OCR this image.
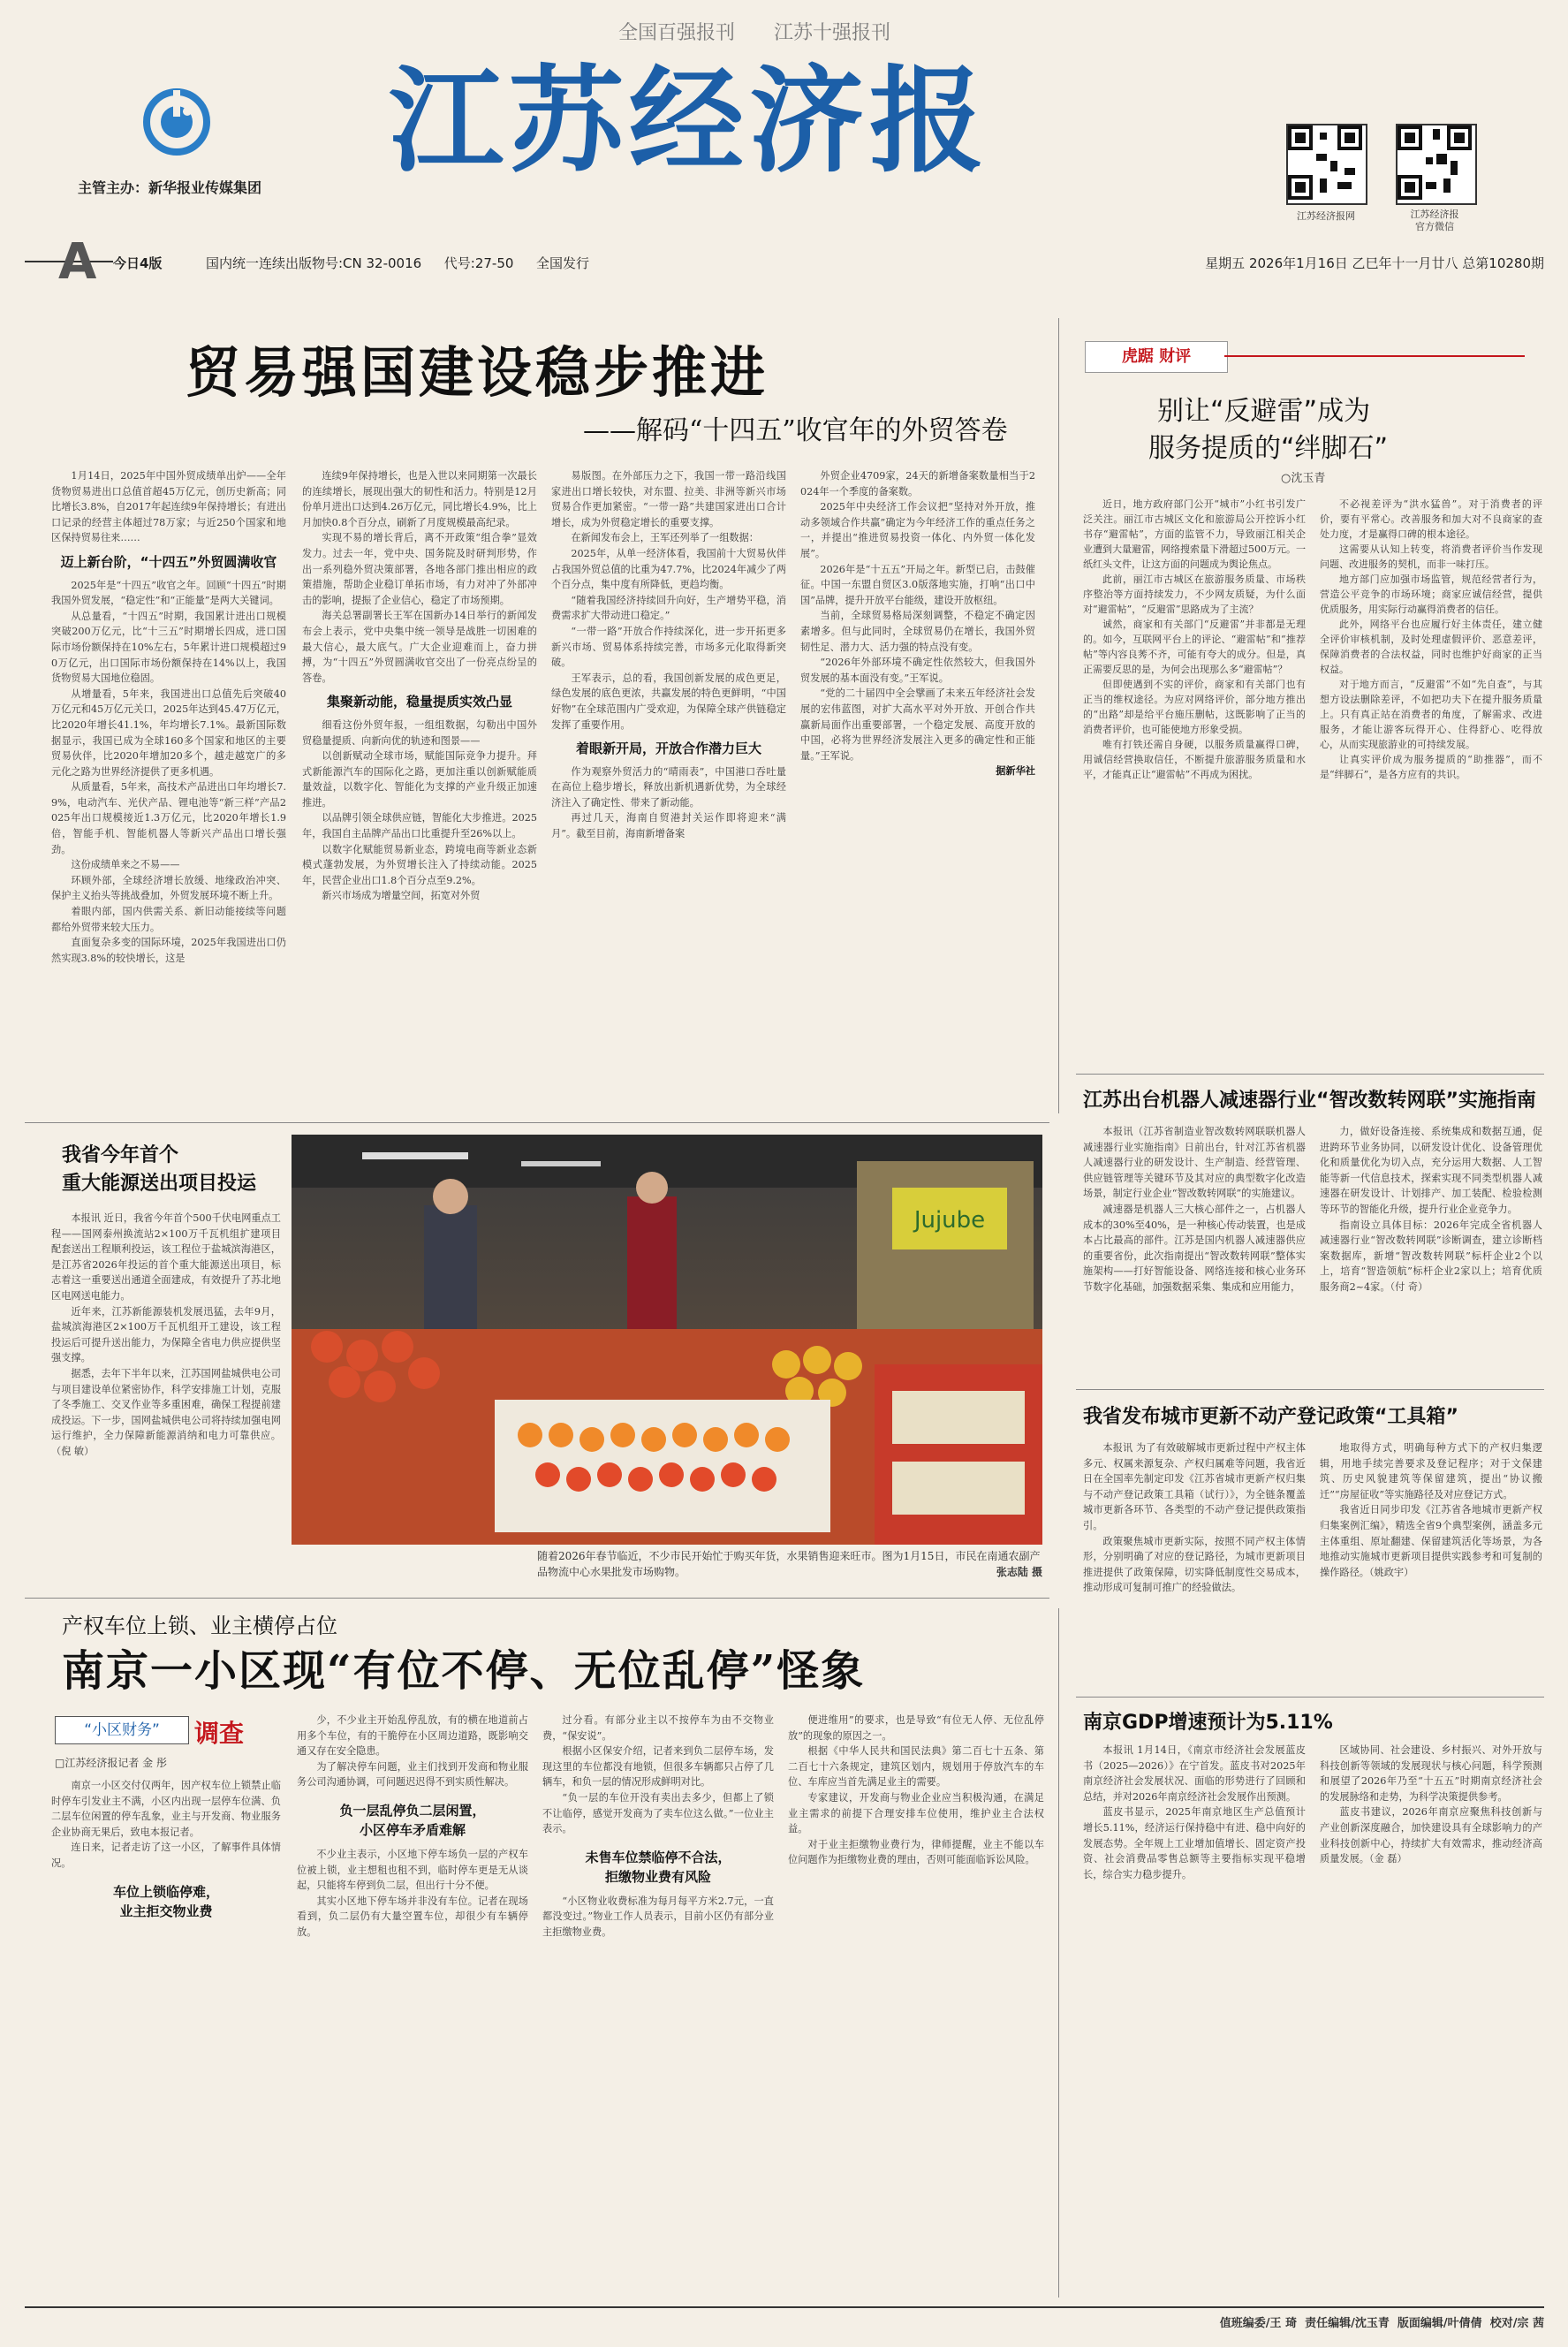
全国百强报刊 江苏十强报刊
主管主办：新华报业传媒集团 江苏经济报
江苏经济报网	江苏经济报
官方微信
A 今日4版	国内统一连续出版物号:CN 32-0016 代号:27-50 全国发行	星期五 2026年1月16日 乙巳年十一月廿八 总第10280期
贸易强国建设稳步推进
——解码“十四五”收官年的外贸答卷

1月14日，2025年中国外贸成绩单出炉——全年货物贸易进出口总值首超45万亿元，创历史新高；同比增长3.8%，自2017年起连续9年保持增长；有进出口记录的经营主体超过78万家；与近250个国家和地区保持贸易往来……

迈上新台阶，“十四五”外贸圆满收官

2025年是“十四五”收官之年。回顾“十四五”时期我国外贸发展，“稳定性”和“正能量”是两大关键词。

从总量看，“十四五”时期，我国累计进出口规模突破200万亿元，比“十三五”时期增长四成，进口国际市场份额保持在10%左右，5年累计进口规模超过90万亿元，出口国际市场份额保持在14%以上，我国货物贸易大国地位稳固。

从增量看，5年来，我国进出口总值先后突破40万亿元和45万亿元关口，2025年达到45.47万亿元，比2020年增长41.1%，年均增长7.1%。最新国际数据显示，我国已成为全球160多个国家和地区的主要贸易伙伴，比2020年增加20多个，越走越宽广的多元化之路为世界经济提供了更多机遇。

从质量看，5年来，高技术产品进出口年均增长7.9%，电动汽车、光伏产品、锂电池等“新三样”产品2025年出口规模接近1.3万亿元，比2020年增长1.9倍，智能手机、智能机器人等新兴产品出口增长强劲。

这份成绩单来之不易——

环顾外部，全球经济增长放缓、地缘政治冲突、保护主义抬头等挑战叠加，外贸发展环境不断上升。

着眼内部，国内供需关系、新旧动能接续等问题都给外贸带来较大压力。

直面复杂多变的国际环境，2025年我国进出口仍然实现3.8%的较快增长，这是

连续9年保持增长，也是入世以来同期第一次最长的连续增长，展现出强大的韧性和活力。特别是12月份单月进出口达到4.26万亿元，同比增长4.9%，比上月加快0.8个百分点，刷新了月度规模最高纪录。

实现不易的增长背后，离不开政策“组合拳”显效发力。过去一年，党中央、国务院及时研判形势，作出一系列稳外贸决策部署，各地各部门推出相应的政策措施，帮助企业稳订单拓市场，有力对冲了外部冲击的影响，提振了企业信心，稳定了市场预期。

海关总署副署长王军在国新办14日举行的新闻发布会上表示，党中央集中统一领导是战胜一切困难的最大信心，最大底气。广大企业迎难而上，奋力拼搏，为“十四五”外贸圆满收官交出了一份亮点纷呈的答卷。

集聚新动能，稳量提质实效凸显

细看这份外贸年报，一组组数据，勾勒出中国外贸稳量提质、向新向优的轨迹和图景——

以创新赋动全球市场，赋能国际竞争力提升。拜式新能源汽车的国际化之路，更加注重以创新赋能质量效益，以数字化、智能化为支撑的产业升级正加速推进。

以品牌引领全球供应链，智能化大步推进。2025年，我国自主品牌产品出口比重提升至26%以上。

以数字化赋能贸易新业态，跨境电商等新业态新模式蓬勃发展，为外贸增长注入了持续动能。2025年，民营企业出口1.8个百分点至9.2%。

新兴市场成为增量空间，拓宽对外贸

易版图。在外部压力之下，我国一带一路沿线国家进出口增长较快，对东盟、拉美、非洲等新兴市场贸易合作更加紧密。“一带一路”共建国家进出口合计增长，成为外贸稳定增长的重要支撑。

在新闻发布会上，王军还列举了一组数据：

2025年，从单一经济体看，我国前十大贸易伙伴占我国外贸总值的比重为47.7%，比2024年减少了两个百分点，集中度有所降低，更趋均衡。

“随着我国经济持续回升向好，生产增势平稳，消费需求扩大带动进口稳定。”

“一带一路”开放合作持续深化，进一步开拓更多新兴市场、贸易体系持续完善，市场多元化取得新突破。

王军表示，总的看，我国创新发展的成色更足，绿色发展的底色更浓，共赢发展的特色更鲜明，“中国好物”在全球范围内广受欢迎，为保障全球产供链稳定发挥了重要作用。

着眼新开局，开放合作潜力巨大

作为观察外贸活力的“晴雨表”，中国港口吞吐量在高位上稳步增长，释放出新机遇新优势，为全球经济注入了确定性、带来了新动能。

再过几天，海南自贸港封关运作即将迎来“满月”。截至目前，海南新增备案

外贸企业4709家，24天的新增备案数量相当于2024年一个季度的备案数。

2025年中央经济工作会议把“坚持对外开放，推动多领域合作共赢”确定为今年经济工作的重点任务之一，并提出“推进贸易投资一体化、内外贸一体化发展”。

2026年是“十五五”开局之年。新型已启，击鼓催征。中国一东盟自贸区3.0版落地实施，打响“出口中国”品牌，提升开放平台能级，建设开放枢纽。

当前，全球贸易格局深刻调整，不稳定不确定因素增多。但与此同时，全球贸易仍在增长，我国外贸韧性足、潜力大、活力强的特点没有变。

“2026年外部环境不确定性依然较大，但我国外贸发展的基本面没有变。”王军说。

“党的二十届四中全会擘画了未来五年经济社会发展的宏伟蓝图，对扩大高水平对外开放、开创合作共赢新局面作出重要部署，一个稳定发展、高度开放的中国，必将为世界经济发展注入更多的确定性和正能量。”王军说。

据新华社
虎踞 财评
别让“反避雷”成为
服务提质的“绊脚石”
○沈玉青

近日，地方政府部门公开“城市”小红书引发广泛关注。丽江市古城区文化和旅游局公开控诉小红书存“避雷帖”，方面的监管不力，导致丽江相关企业遭到大量避雷，网络搜索量下滑超过500万元。一纸红头文件，让这方面的问题成为舆论焦点。

此前，丽江市古城区在旅游服务质量、市场秩序整治等方面持续发力，不少网友质疑，为什么面对“避雷帖”，“反避雷”思路成为了主流？

诚然，商家和有关部门“反避雷”并非都是无理的。如今，互联网平台上的评论、“避雷帖”和“推荐帖”等内容良莠不齐，可能有夸大的成分。但是，真正需要反思的是，为何会出现那么多“避雷帖”？

但即使遇到不实的评价，商家和有关部门也有正当的维权途径。为应对网络评价，部分地方推出的“出路”却是给平台施压删帖，这既影响了正当的消费者评价，也可能使地方形象受损。

唯有打铁还需自身硬，以服务质量赢得口碑，用诚信经营换取信任，不断提升旅游服务质量和水平，才能真正让“避雷帖”不再成为困扰。

不必视差评为“洪水猛兽”。对于消费者的评价，要有平常心。改善服务和加大对不良商家的查处力度，才是赢得口碑的根本途径。

这需要从认知上转变，将消费者评价当作发现问题、改进服务的契机，而非一味打压。

地方部门应加强市场监管，规范经营者行为，营造公平竞争的市场环境；商家应诚信经营，提供优质服务，用实际行动赢得消费者的信任。

此外，网络平台也应履行好主体责任，建立健全评价审核机制，及时处理虚假评价、恶意差评，保障消费者的合法权益，同时也维护好商家的正当权益。

对于地方而言，“反避雷”不如“先自查”，与其想方设法删除差评，不如把功夫下在提升服务质量上。只有真正站在消费者的角度，了解需求、改进服务，才能让游客玩得开心、住得舒心、吃得放心，从而实现旅游业的可持续发展。

让真实评价成为服务提质的“助推器”，而不是“绊脚石”，是各方应有的共识。

江苏出台机器人减速器行业“智改数转网联”实施指南

本报讯（江苏省制造业智改数转网联联机器人减速器行业实施指南》日前出台，针对江苏省机器人减速器行业的研发设计、生产制造、经营管理、供应链管理等关键环节及其对应的典型数字化改造场景，制定行业企业“智改数转网联”的实施建议。

减速器是机器人三大核心部件之一，占机器人成本的30%至40%，是一种核心传动装置，也是成本占比最高的部件。江苏是国内机器人减速器供应的重要省份，此次指南提出“智改数转网联”整体实施架构——打好智能设备、网络连接和核心业务环节数字化基础，加强数据采集、集成和应用能力，

力，做好设备连接、系统集成和数据互通，促进跨环节业务协同，以研发设计优化、设备管理优化和质量优化为切入点，充分运用大数据、人工智能等新一代信息技术，探索实现不同类型机器人减速器在研发设计、计划排产、加工装配、检验检测等环节的智能化升级，提升行业企业竞争力。

指南设立具体目标：2026年完成全省机器人减速器行业“智改数转网联”诊断调查，建立诊断档案数据库，新增“智改数转网联”标杆企业2个以上，培育“智造领航”标杆企业2家以上；培育优质服务商2~4家。（付 奇）

我省发布城市更新不动产登记政策“工具箱”

本报讯 为了有效破解城市更新过程中产权主体多元、权属来源复杂、产权归属难等问题，我省近日在全国率先制定印发《江苏省城市更新产权归集与不动产登记政策工具箱（试行）》，为全链条覆盖城市更新各环节、各类型的不动产登记提供政策指引。

政策聚焦城市更新实际，按照不同产权主体情形，分别明确了对应的登记路径，为城市更新项目推进提供了政策保障，切实降低制度性交易成本，推动形成可复制可推广的经验做法。

地取得方式，明确每种方式下的产权归集逻辑，用地手续完善要求及登记程序；对于文保建筑、历史风貌建筑等保留建筑，提出“协议搬迁”“房屋征收”等实施路径及对应登记方式。

我省近日同步印发《江苏省各地城市更新产权归集案例汇编》，精选全省9个典型案例，涵盖多元主体重组、原址翻建、保留建筑活化等场景，为各地推动实施城市更新项目提供实践参考和可复制的操作路径。（姚政宇）

我省今年首个
重大能源送出项目投运

本报讯 近日，我省今年首个500千伏电网重点工程——国网泰州换流站2×100万千瓦机组扩建项目配套送出工程顺利投运，该工程位于盐城滨海港区，是江苏省2026年投运的首个重大能源送出项目，标志着这一重要送出通道全面建成，有效提升了苏北地区电网送电能力。

近年来，江苏新能源装机发展迅猛，去年9月，盐城滨海港区2×100万千瓦机组开工建设，该工程投运后可提升送出能力，为保障全省电力供应提供坚强支撑。

据悉，去年下半年以来，江苏国网盐城供电公司与项目建设单位紧密协作，科学安排施工计划，克服了冬季施工、交叉作业等多重困难，确保工程提前建成投运。下一步，国网盐城供电公司将持续加强电网运行维护，全力保障新能源消纳和电力可靠供应。（倪 敏）

Jujube
随着2026年春节临近，不少市民开始忙于购买年货，水果销售迎来旺市。图为1月15日，市民在南通农副产品物流中心水果批发市场购物。	张志陆 摄
产权车位上锁、业主横停占位
南京一小区现“有位不停、无位乱停”怪象
“小区财务”	调查
□江苏经济报记者 金 彤

南京一小区交付仅两年，因产权车位上锁禁止临时停车引发业主不满，小区内出现一层停车位满、负二层车位闲置的停车乱象，业主与开发商、物业服务企业协商无果后，致电本报记者。

连日来，记者走访了这一小区，了解事件具体情况。

车位上锁临停难，
业主拒交物业费

少，不少业主开始乱停乱放，有的横在地道前占用多个车位，有的干脆停在小区周边道路，既影响交通又存在安全隐患。

为了解决停车问题，业主们找到开发商和物业服务公司沟通协调，可问题迟迟得不到实质性解决。

负一层乱停负二层闲置，
小区停车矛盾难解

不少业主表示，小区地下停车场负一层的产权车位被上锁，业主想租也租不到，临时停车更是无从谈起，只能将车停到负二层，但出行十分不便。

其实小区地下停车场并非没有车位。记者在现场看到，负二层仍有大量空置车位，却很少有车辆停放。

过分看。有部分业主以不按停车为由不交物业费，“保安说”。

根据小区保安介绍，记者来到负二层停车场，发现这里的车位都没有地锁，但很多车辆都只占停了几辆车，和负一层的情况形成鲜明对比。

“负一层的车位开没有卖出去多少，但都上了锁不让临停，感觉开发商为了卖车位这么做。”一位业主表示。

未售车位禁临停不合法，
拒缴物业费有风险

“小区物业收费标准为每月每平方米2.7元，一直都没变过。”物业工作人员表示，目前小区仍有部分业主拒缴物业费。

便进维用”的要求，也是导致“有位无人停、无位乱停放”的现象的原因之一。

根据《中华人民共和国民法典》第二百七十五条、第二百七十六条规定，建筑区划内，规划用于停放汽车的车位、车库应当首先满足业主的需要。

专家建议，开发商与物业企业应当积极沟通，在满足业主需求的前提下合理安排车位使用，维护业主合法权益。

对于业主拒缴物业费行为，律师提醒，业主不能以车位问题作为拒缴物业费的理由，否则可能面临诉讼风险。

南京GDP增速预计为5.11%

本报讯 1月14日，《南京市经济社会发展蓝皮书（2025—2026）》在宁首发。蓝皮书对2025年南京经济社会发展状况、面临的形势进行了回顾和总结，并对2026年南京经济社会发展作出预测。

蓝皮书显示，2025年南京地区生产总值预计增长5.11%，经济运行保持稳中有进、稳中向好的发展态势。全年规上工业增加值增长、固定资产投资、社会消费品零售总额等主要指标实现平稳增长，综合实力稳步提升。

区域协同、社会建设、乡村振兴、对外开放与科技创新等领域的发展现状与核心问题，科学预测和展望了2026年乃至“十五五”时期南京经济社会的发展脉络和走势，为科学决策提供参考。

蓝皮书建议，2026年南京应聚焦科技创新与产业创新深度融合，加快建设具有全球影响力的产业科技创新中心，持续扩大有效需求，推动经济高质量发展。（金 磊）

值班编委/王 琦  责任编辑/沈玉青  版面编辑/叶倩倩  校对/宗 茜
